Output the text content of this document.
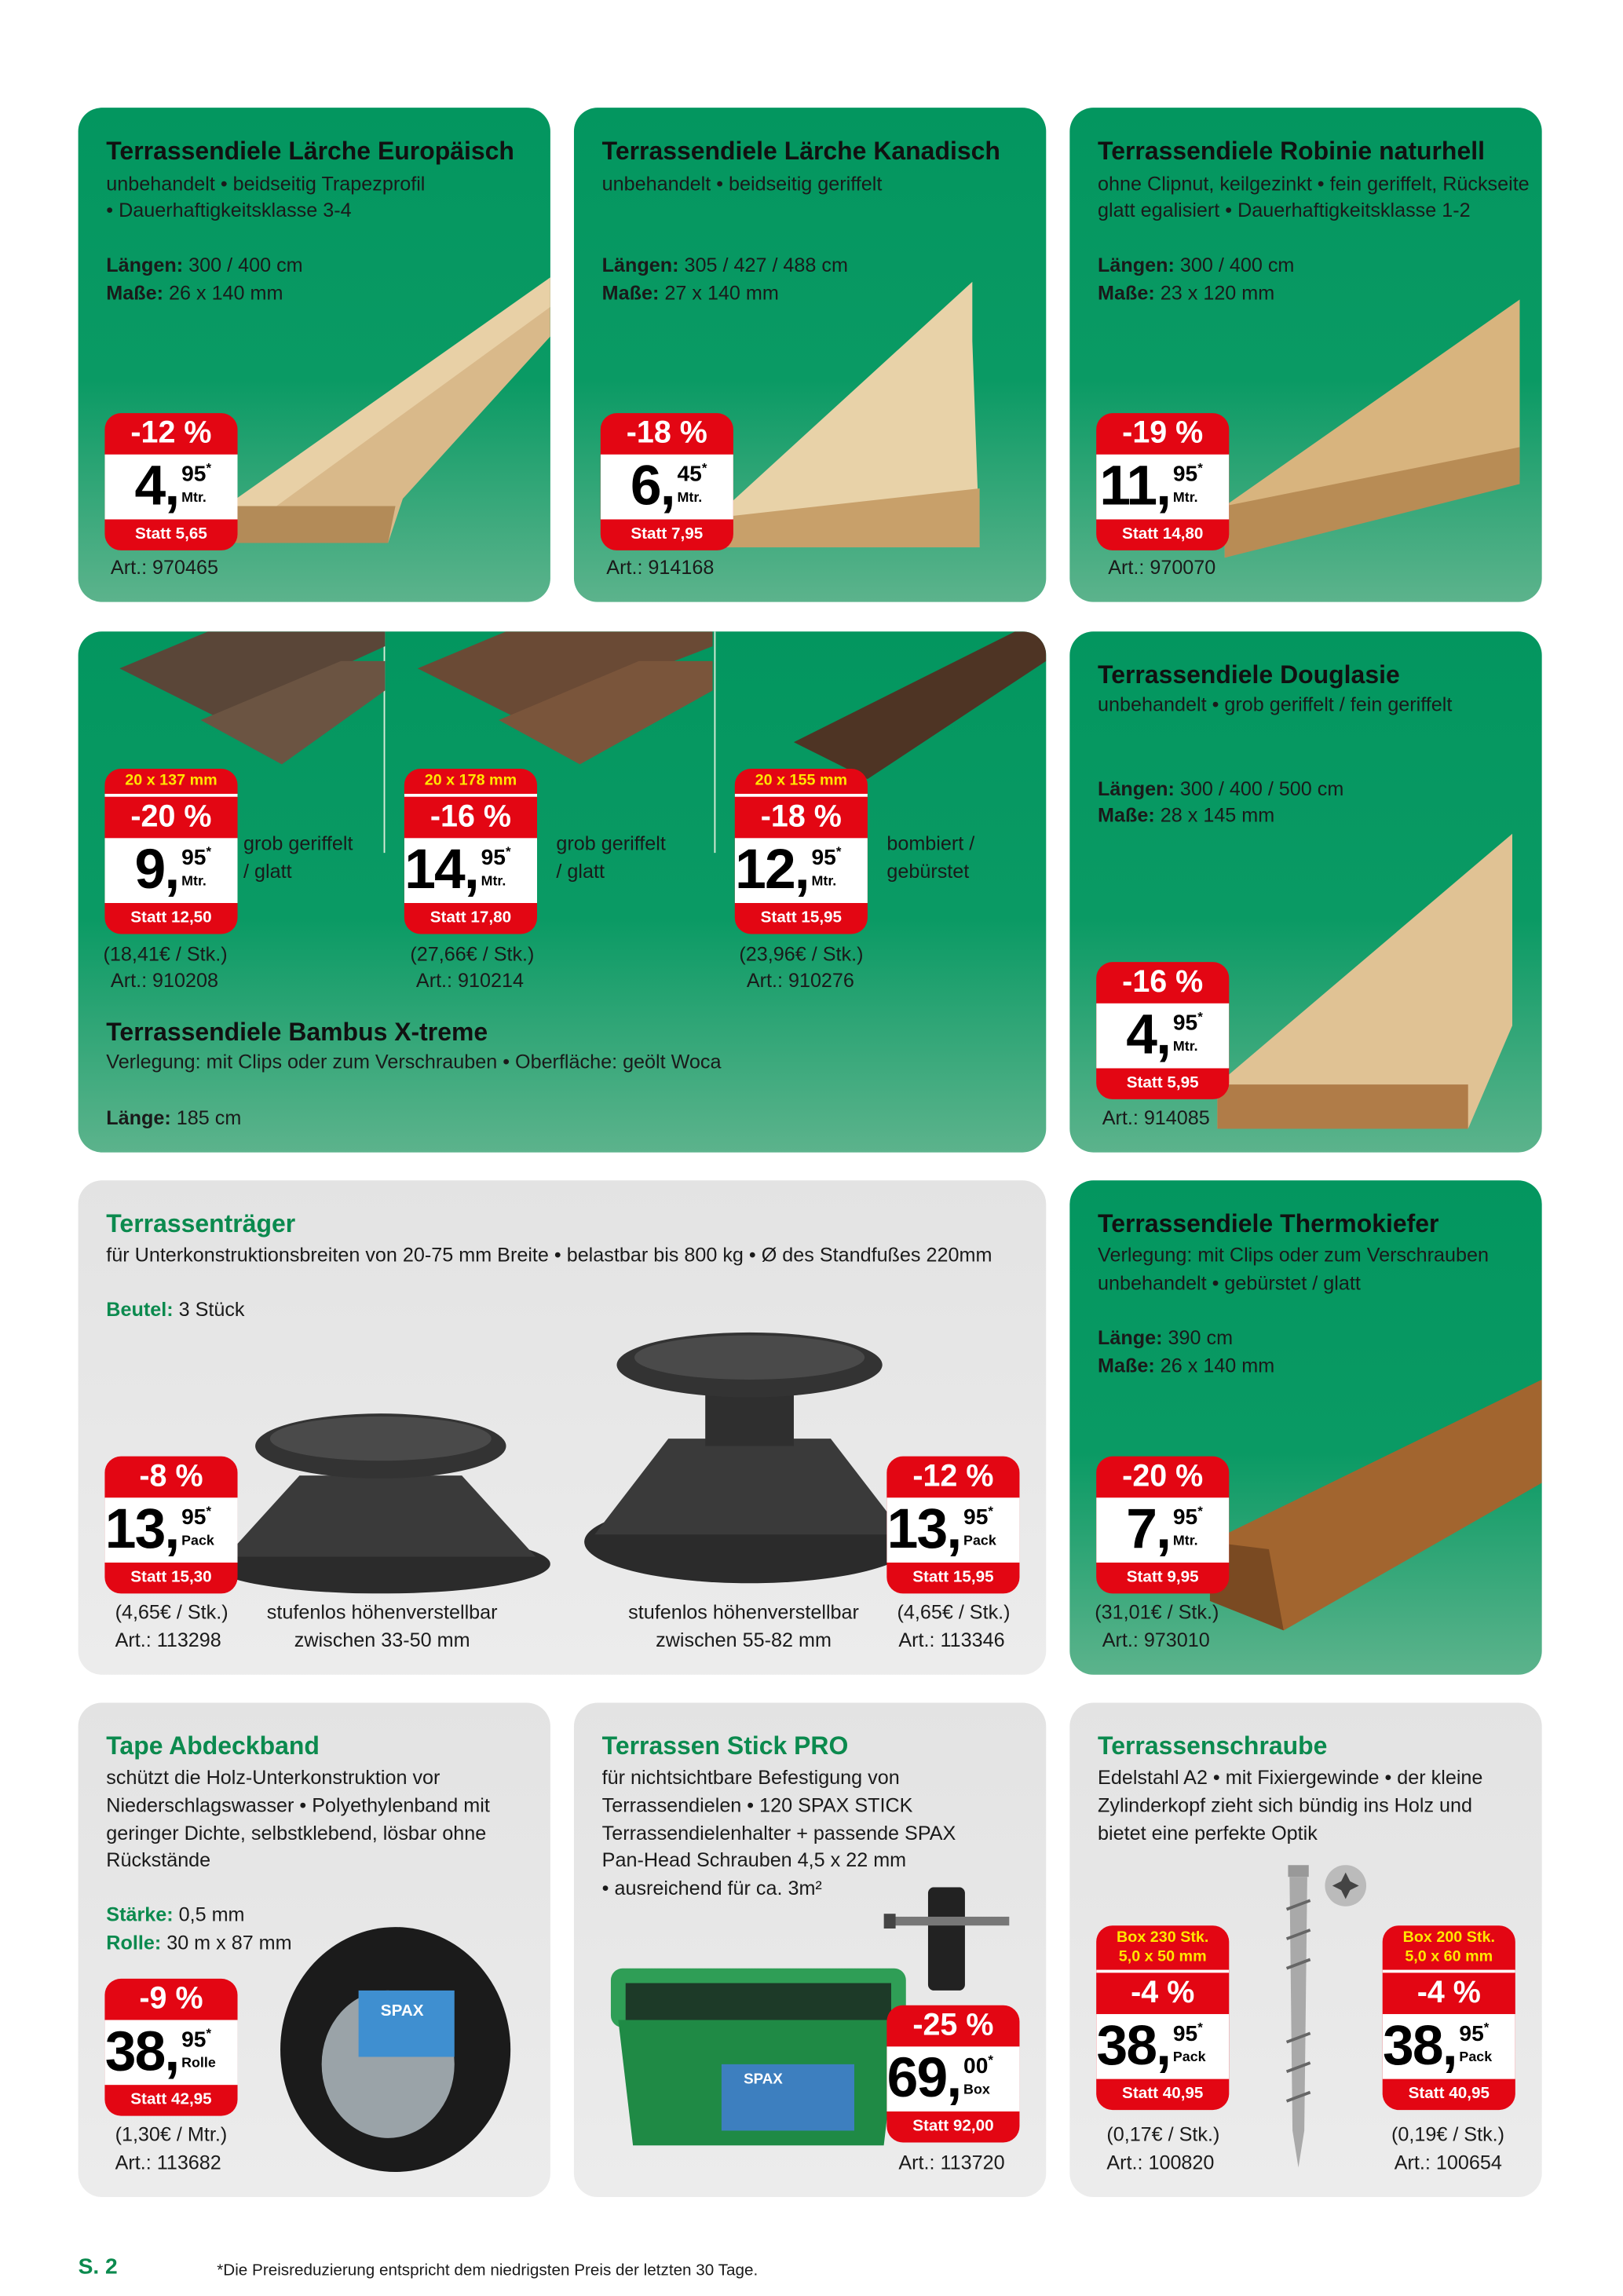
Terrassendiele Lärche Europäisch
unbehandelt • beidseitig Trapezprofil
• Dauerhaftigkeitsklasse 3-4
Längen: 300 / 400 cm
Maße: 26 x 140 mm
-12 %
4, 95*
Mtr.
Statt 5,65
Art.: 970465
Terrassendiele Lärche Kanadisch
unbehandelt • beidseitig geriffelt
Längen: 305 / 427 / 488 cm
Maße: 27 x 140 mm
-18 %
6, 45*
Mtr.
Statt 7,95
Art.: 914168
Terrassendiele Robinie naturhell
ohne Clipnut, keilgezinkt • fein geriffelt, Rückseite
glatt egalisiert • Dauerhaftigkeitsklasse 1-2
Längen: 300 / 400 cm
Maße: 23 x 120 mm
-19 %
11, 95*
Mtr.
Statt 14,80
Art.: 970070
20 x 137 mm
-20 %
9, 95*
Mtr.
Statt 12,50
grob geriffelt
/ glatt
(18,41€ / Stk.)
Art.: 910208
20 x 178 mm
-16 %
14, 95*
Mtr.
Statt 17,80
grob geriffelt
/ glatt
(27,66€ / Stk.)
Art.: 910214
20 x 155 mm
-18 %
12, 95*
Mtr.
Statt 15,95
bombiert /
gebürstet
(23,96€ / Stk.)
Art.: 910276
Terrassendiele Bambus X-treme
Verlegung: mit Clips oder zum Verschrauben • Oberfläche: geölt Woca
Länge: 185 cm
Terrassendiele Douglasie
unbehandelt • grob geriffelt / fein geriffelt
Längen: 300 / 400 / 500 cm
Maße: 28 x 145 mm
-16 %
4, 95*
Mtr.
Statt 5,95
Art.: 914085
Terrassenträger
für Unterkonstruktionsbreiten von 20-75 mm Breite • belastbar bis 800 kg • Ø des Standfußes 220mm
Beutel: 3 Stück
-8 %
13, 95*
Pack
Statt 15,30
(4,65€ / Stk.)
Art.: 113298
stufenlos höhenverstellbar
zwischen 33-50 mm
-12 %
13, 95*
Pack
Statt 15,95
stufenlos höhenverstellbar
zwischen 55-82 mm
(4,65€ / Stk.)
Art.: 113346
Terrassendiele Thermokiefer
Verlegung: mit Clips oder zum Verschrauben
unbehandelt • gebürstet / glatt
Länge: 390 cm
Maße: 26 x 140 mm
-20 %
7, 95*
Mtr.
Statt 9,95
(31,01€ / Stk.)
Art.: 973010
SPAX
Tape Abdeckband
schützt die Holz-Unterkonstruktion vor
Niederschlagswasser • Polyethylenband mit
geringer Dichte, selbstklebend, lösbar ohne
Rückstände
Stärke: 0,5 mm
Rolle: 30 m x 87 mm
-9 %
38, 95*
Rolle
Statt 42,95
(1,30€ / Mtr.)
Art.: 113682
SPAX
Terrassen Stick PRO
für nichtsichtbare Befestigung von
Terrassendielen • 120 SPAX STICK
Terrassendielenhalter + passende SPAX
Pan-Head Schrauben 4,5 x 22 mm
• ausreichend für ca. 3m²
-25 %
69, 00*
Box
Statt 92,00
Art.: 113720
Terrassenschraube
Edelstahl A2 • mit Fixiergewinde • der kleine
Zylinderkopf zieht sich bündig ins Holz und
bietet eine perfekte Optik
Box 230 Stk.
5,0 x 50 mm
-4 %
38, 95*
Pack
Statt 40,95
(0,17€ / Stk.)
Art.: 100820
Box 200 Stk.
5,0 x 60 mm
-4 %
38, 95*
Pack
Statt 40,95
(0,19€ / Stk.)
Art.: 100654
S. 2	*Die Preisreduzierung entspricht dem niedrigsten Preis der letzten 30 Tage.
